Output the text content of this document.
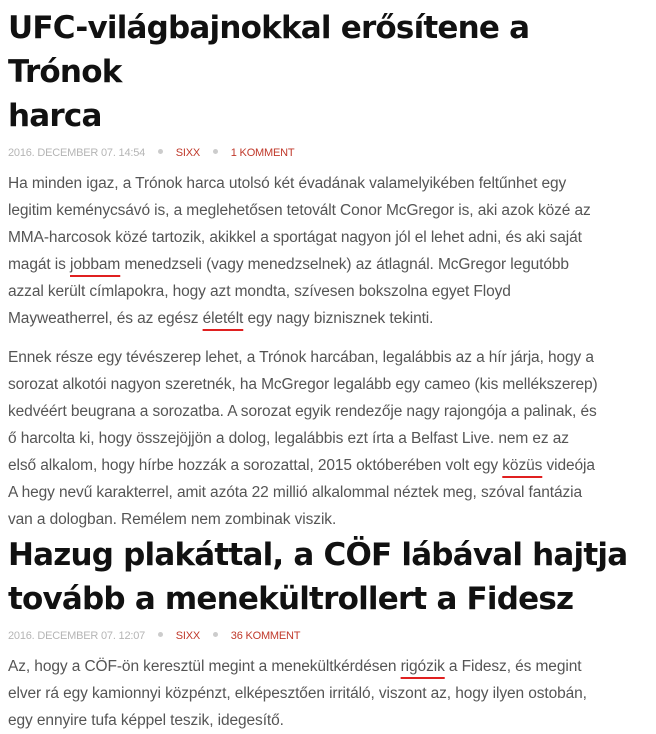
UFC-világbajnokkal erősítene a Trónok
harca
2016. DECEMBER 07. 14:54	SIXX	1 KOMMENT

Ha minden igaz, a Trónok harca utolsó két évadának valamelyikében feltűnhet egy
legitim keménycsávó is, a meglehetősen tetovált Conor McGregor is, aki azok közé az
MMA-harcosok közé tartozik, akikkel a sportágat nagyon jól el lehet adni, és aki saját
magát is jobbam menedzseli (vagy menedzselnek) az átlagnál. McGregor legutóbb
azzal került címlapokra, hogy azt mondta, szívesen bokszolna egyet Floyd
Mayweatherrel, és az egész életélt egy nagy biznisznek tekinti.

Ennek része egy tévészerep lehet, a Trónok harcában, legalábbis az a hír járja, hogy a
sorozat alkotói nagyon szeretnék, ha McGregor legalább egy cameo (kis mellékszerep)
kedvéért beugrana a sorozatba. A sorozat egyik rendezője nagy rajongója a palinak, és
ő harcolta ki, hogy összejöjjön a dolog, legalábbis ezt írta a Belfast Live. nem ez az
első alkalom, hogy hírbe hozzák a sorozattal, 2015 októberében volt egy közüs videója
A hegy nevű karakterrel, amit azóta 22 millió alkalommal néztek meg, szóval fantázia
van a dologban. Remélem nem zombinak viszik.

Hazug plakáttal, a CÖF lábával hajtja
tovább a menekültrollert a Fidesz
2016. DECEMBER 07. 12:07	SIXX	36 KOMMENT

Az, hogy a CÖF-ön keresztül megint a menekültkérdésen rigózik a Fidesz, és megint
elver rá egy kamionnyi közpénzt, elképesztően irritáló, viszont az, hogy ilyen ostobán,
egy ennyire tufa képpel teszik, idegesítő.
